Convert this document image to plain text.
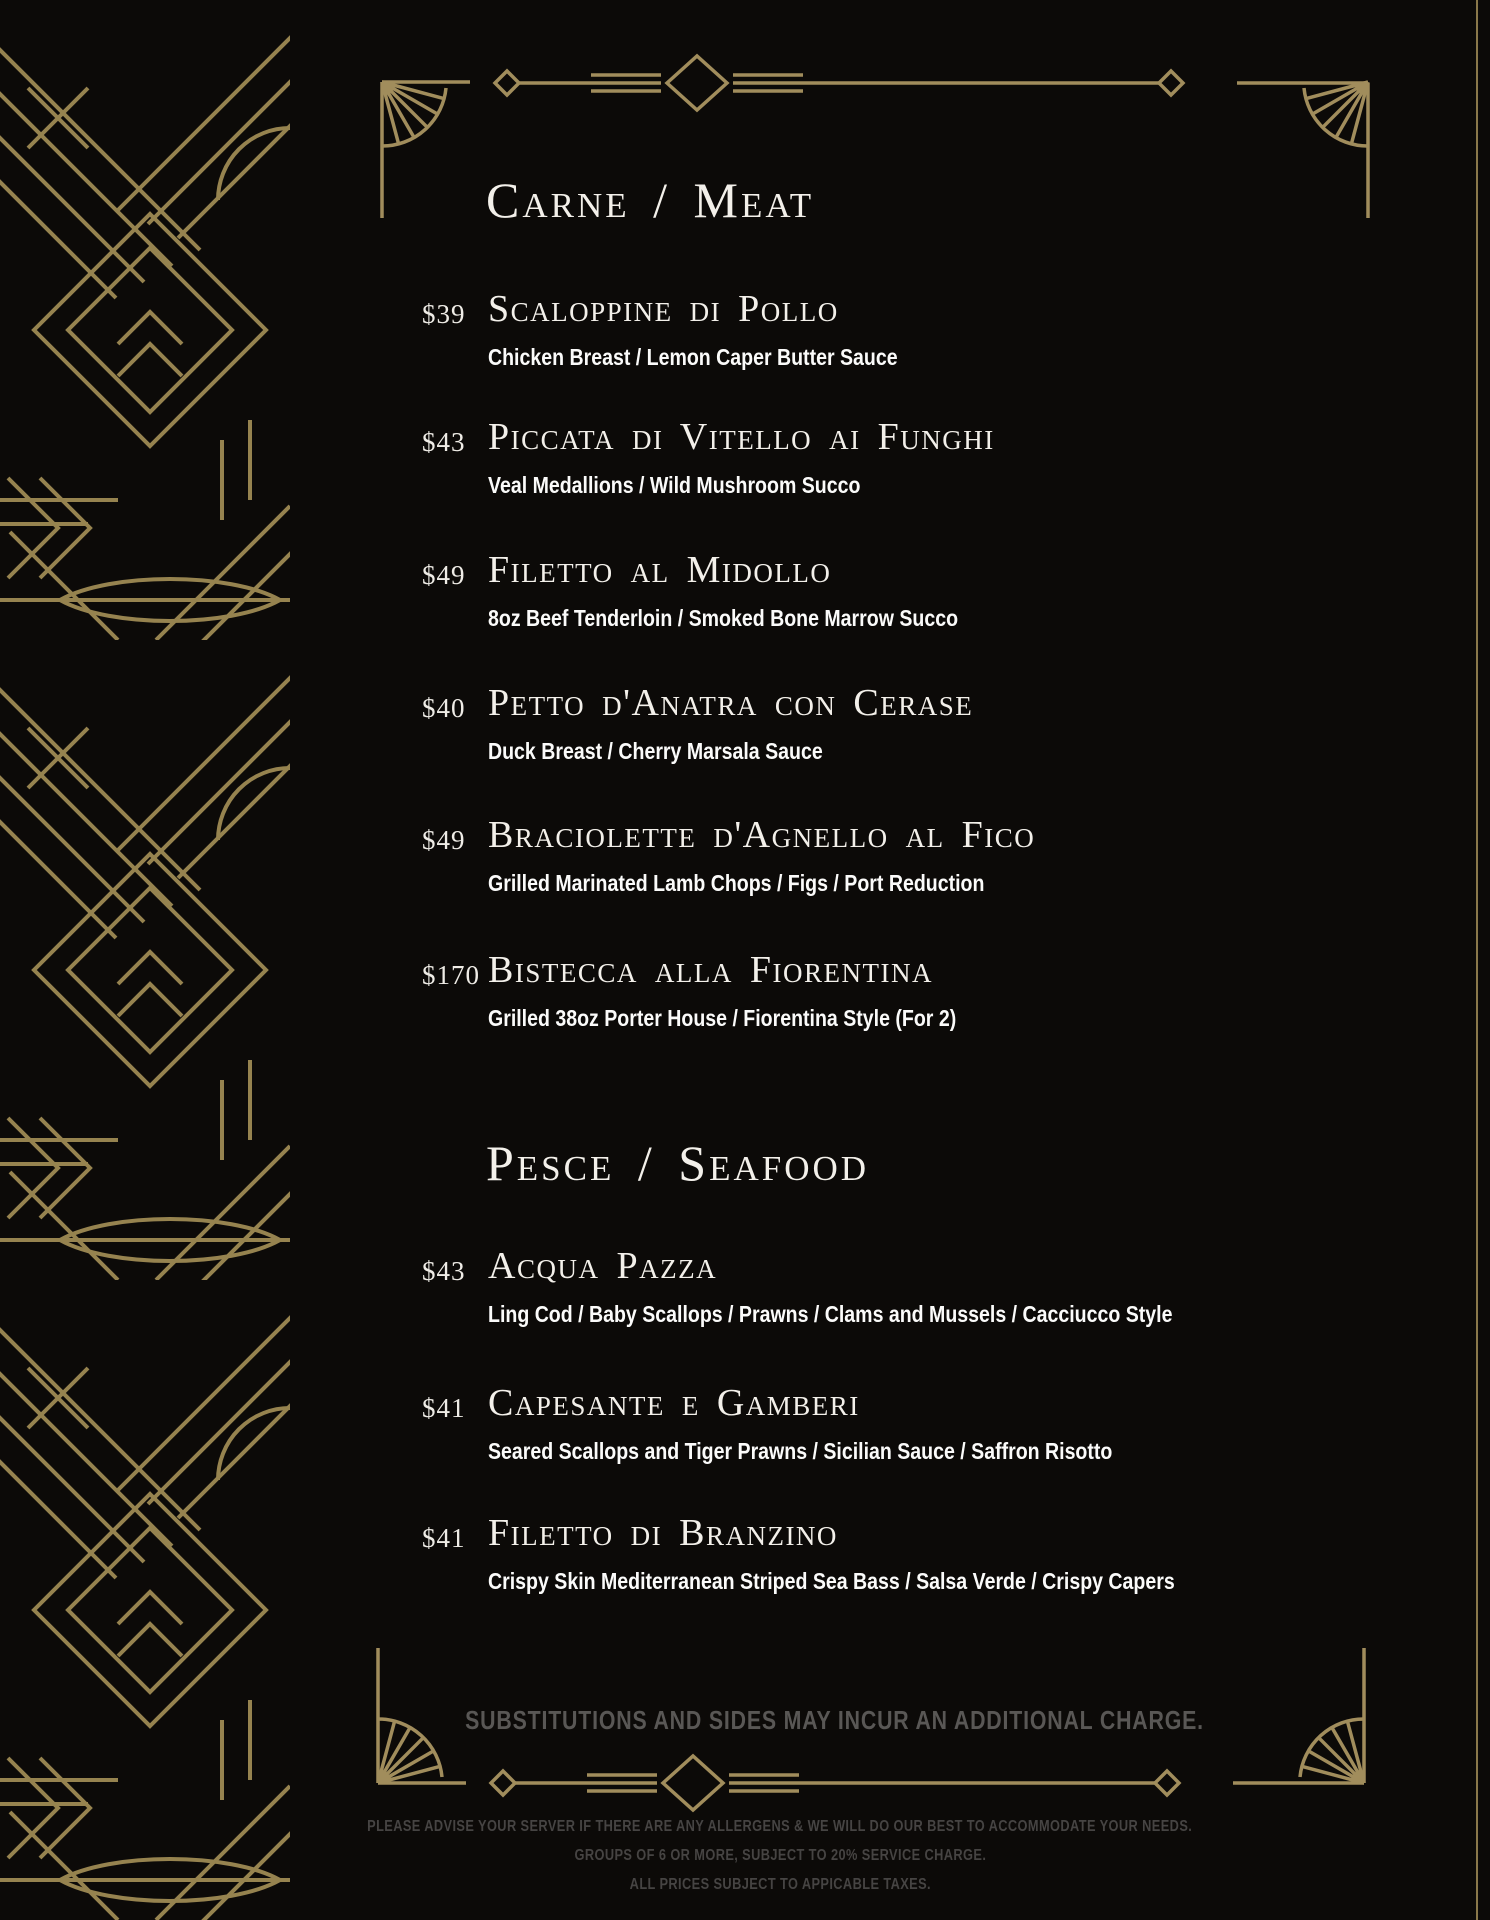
Carne / Meat
$39 Scaloppine di Pollo
Chicken Breast / Lemon Caper Butter Sauce
$43 Piccata di Vitello ai Funghi
Veal Medallions / Wild Mushroom Succo
$49 Filetto al Midollo
8oz Beef Tenderloin / Smoked Bone Marrow Succo
$40 Petto d'Anatra con Cerase
Duck Breast / Cherry Marsala Sauce
$49 Braciolette d'Agnello al Fico
Grilled Marinated Lamb Chops / Figs / Port Reduction
$170 Bistecca alla Fiorentina
Grilled 38oz Porter House / Fiorentina Style (For 2)
Pesce / Seafood
$43 Acqua Pazza
Ling Cod / Baby Scallops / Prawns / Clams and Mussels / Cacciucco Style
$41 Capesante e Gamberi
Seared Scallops and Tiger Prawns / Sicilian Sauce / Saffron Risotto
$41 Filetto di Branzino
Crispy Skin Mediterranean Striped Sea Bass / Salsa Verde / Crispy Capers
SUBSTITUTIONS AND SIDES MAY INCUR AN ADDITIONAL CHARGE.
PLEASE ADVISE YOUR SERVER IF THERE ARE ANY ALLERGENS & WE WILL DO OUR BEST TO ACCOMMODATE YOUR NEEDS.
GROUPS OF 6 OR MORE, SUBJECT TO 20% SERVICE CHARGE.
ALL PRICES SUBJECT TO APPICABLE TAXES.
